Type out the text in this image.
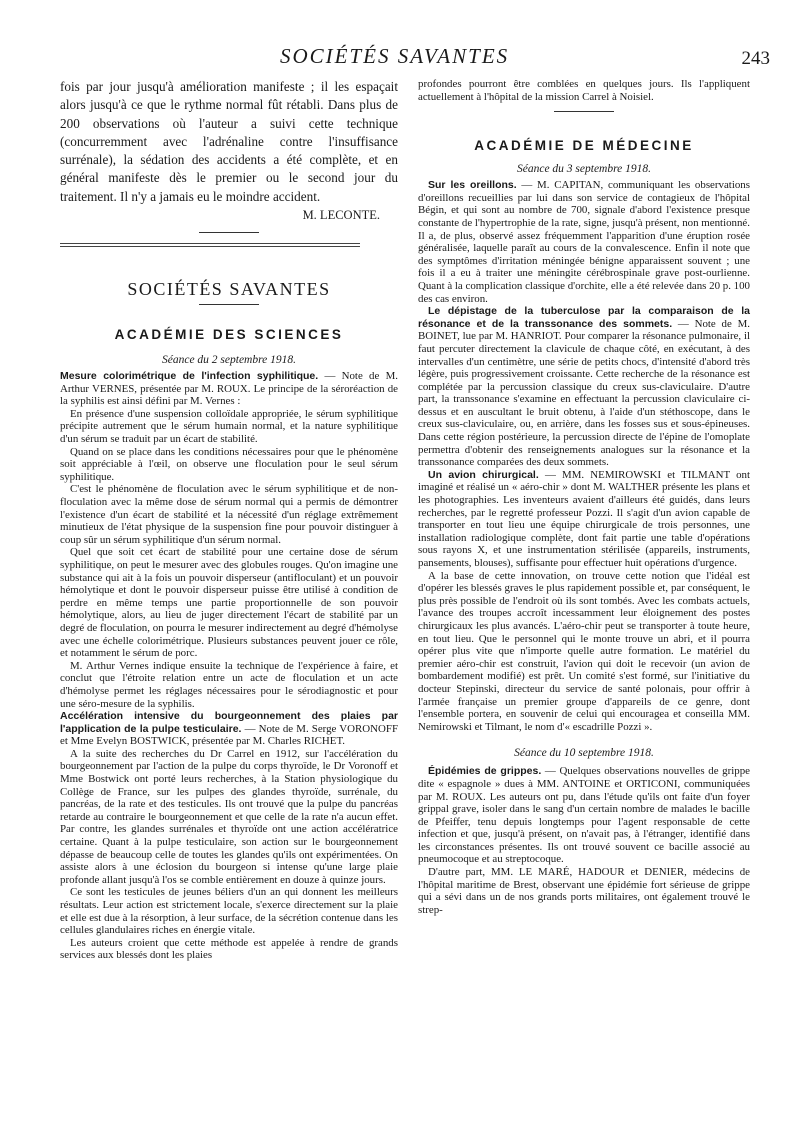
SOCIÉTÉS SAVANTES	243

fois par jour jusqu'à amélioration manifeste ; il les espaçait alors jusqu'à ce que le rythme normal fût rétabli. Dans plus de 200 observations où l'auteur a suivi cette technique (concurremment avec l'adrénaline contre l'insuffisance surrénale), la sédation des accidents a été complète, et en général manifeste dès le premier ou le second jour du traitement. Il n'y a jamais eu le moindre accident.

M. LECONTE.
SOCIÉTÉS SAVANTES
ACADÉMIE DES SCIENCES
Séance du 2 septembre 1918.

Mesure colorimétrique de l'infection syphilitique. — Note de M. Arthur VERNES, présentée par M. ROUX. Le principe de la séroréaction de la syphilis est ainsi défini par M. Vernes :

En présence d'une suspension colloïdale appropriée, le sérum syphilitique précipite autrement que le sérum humain normal, et la nature syphilitique d'un sérum se traduit par un écart de stabilité.

Quand on se place dans les conditions nécessaires pour que le phénomène soit appréciable à l'œil, on observe une floculation pour le seul sérum syphilitique.

C'est le phénomène de floculation avec le sérum syphilitique et de non-floculation avec la même dose de sérum normal qui a permis de démontrer l'existence d'un écart de stabilité et la nécessité d'un réglage extrêmement minutieux de l'état physique de la suspension fine pour pouvoir distinguer à coup sûr un sérum syphilitique d'un sérum normal.

Quel que soit cet écart de stabilité pour une certaine dose de sérum syphilitique, on peut le mesurer avec des globules rouges. Qu'on imagine une substance qui ait à la fois un pouvoir disperseur (antifloculant) et un pouvoir hémolytique et dont le pouvoir disperseur puisse être utilisé à condition de perdre en même temps une partie proportionnelle de son pouvoir hémolytique, alors, au lieu de juger directement l'écart de stabilité par un degré de floculation, on pourra le mesurer indirectement au degré d'hémolyse avec une échelle colorimétrique. Plusieurs substances peuvent jouer ce rôle, et notamment le sérum de porc.

M. Arthur Vernes indique ensuite la technique de l'expérience à faire, et conclut que l'étroite relation entre un acte de floculation et un acte d'hémolyse permet les réglages nécessaires pour le sérodiagnostic et pour une séro-mesure de la syphilis.

Accélération intensive du bourgeonnement des plaies par l'application de la pulpe testiculaire. — Note de M. Serge VORONOFF et Mme Evelyn BOSTWICK, présentée par M. Charles RICHET.

A la suite des recherches du Dr Carrel en 1912, sur l'accélération du bourgeonnement par l'action de la pulpe du corps thyroïde, le Dr Voronoff et Mme Bostwick ont porté leurs recherches, à la Station physiologique du Collège de France, sur les pulpes des glandes thyroïde, surrénale, du pancréas, de la rate et des testicules. Ils ont trouvé que la pulpe du pancréas retarde au contraire le bourgeonnement et que celle de la rate n'a aucun effet. Par contre, les glandes surrénales et thyroïde ont une action accélératrice certaine. Quant à la pulpe testiculaire, son action sur le bourgeonnement dépasse de beaucoup celle de toutes les glandes qu'ils ont expérimentées. On assiste alors à une éclosion du bourgeon si intense qu'une large plaie profonde allant jusqu'à l'os se comble entièrement en douze à quinze jours.

Ce sont les testicules de jeunes béliers d'un an qui donnent les meilleurs résultats. Leur action est strictement locale, s'exerce directement sur la plaie et elle est due à la résorption, à leur surface, de la sécrétion contenue dans les cellules glandulaires riches en énergie vitale.

Les auteurs croient que cette méthode est appelée à rendre de grands services aux blessés dont les plaies

profondes pourront être comblées en quelques jours. Ils l'appliquent actuellement à l'hôpital de la mission Carrel à Noisiel.

ACADÉMIE DE MÉDECINE
Séance du 3 septembre 1918.

Sur les oreillons. — M. CAPITAN, communiquant les observations d'oreillons recueillies par lui dans son service de contagieux de l'hôpital Bégin, et qui sont au nombre de 700, signale d'abord l'existence presque constante de l'hypertrophie de la rate, signe, jusqu'à présent, non mentionné. Il a, de plus, observé assez fréquemment l'apparition d'une éruption rosée généralisée, laquelle paraît au cours de la convalescence. Enfin il note que des symptômes d'irritation méningée bénigne apparaissent souvent ; une fois il a eu à traiter une méningite cérébrospinale grave post-ourlienne. Quant à la complication classique d'orchite, elle a été relevée dans 20 p. 100 des cas environ.

Le dépistage de la tuberculose par la comparaison de la résonance et de la transsonance des sommets. — Note de M. BOINET, lue par M. HANRIOT. Pour comparer la résonance pulmonaire, il faut percuter directement la clavicule de chaque côté, en exécutant, à des intervalles d'un centimètre, une série de petits chocs, d'intensité d'abord très légère, puis progressivement croissante. Cette recherche de la résonance est complétée par la percussion classique du creux sus-claviculaire. D'autre part, la transsonance s'examine en effectuant la percussion claviculaire ci-dessus et en auscultant le bruit obtenu, à l'aide d'un stéthoscope, dans le creux sus-claviculaire, ou, en arrière, dans les fosses sus et sous-épineuses. Dans cette région postérieure, la percussion directe de l'épine de l'omoplate permettra d'obtenir des renseignements analogues sur la résonance et la transsonance comparées des deux sommets.

Un avion chirurgical. — MM. NEMIROWSKI et TILMANT ont imaginé et réalisé un « aéro-chir » dont M. WALTHER présente les plans et les photographies. Les inventeurs avaient d'ailleurs été guidés, dans leurs recherches, par le regretté professeur Pozzi. Il s'agit d'un avion capable de transporter en tout lieu une équipe chirurgicale de trois personnes, une installation radiologique complète, dont fait partie une table d'opérations sous rayons X, et une instrumentation stérilisée (appareils, instruments, pansements, blouses), suffisante pour effectuer huit opérations d'urgence.

A la base de cette innovation, on trouve cette notion que l'idéal est d'opérer les blessés graves le plus rapidement possible et, par conséquent, le plus près possible de l'endroit où ils sont tombés. Avec les combats actuels, l'avance des troupes accroît incessamment leur éloignement des postes chirurgicaux les plus avancés. L'aéro-chir peut se transporter à toute heure, en tout lieu. Que le personnel qui le monte trouve un abri, et il pourra opérer plus vite que n'importe quelle autre formation. Le matériel du premier aéro-chir est construit, l'avion qui doit le recevoir (un avion de bombardement modifié) est prêt. Un comité s'est formé, sur l'initiative du docteur Stepinski, directeur du service de santé polonais, pour offrir à l'armée française un premier groupe d'appareils de ce genre, dont l'ensemble portera, en souvenir de celui qui encouragea et conseilla MM. Nemirowski et Tilmant, le nom d'« escadrille Pozzi ».

Séance du 10 septembre 1918.

Épidémies de grippes. — Quelques observations nouvelles de grippe dite « espagnole » dues à MM. ANTOINE et ORTICONI, communiquées par M. ROUX. Les auteurs ont pu, dans l'étude qu'ils ont faite d'un foyer grippal grave, isoler dans le sang d'un certain nombre de malades le bacille de Pfeiffer, tenu depuis longtemps pour l'agent responsable de cette infection et que, jusqu'à présent, on n'avait pas, à l'étranger, identifié dans les circonstances présentes. Ils ont trouvé souvent ce bacille associé au pneumocoque et au streptocoque.

D'autre part, MM. LE MARÉ, HADOUR et DENIER, médecins de l'hôpital maritime de Brest, observant une épidémie fort sérieuse de grippe qui a sévi dans un de nos grands ports militaires, ont également trouvé le strep-
